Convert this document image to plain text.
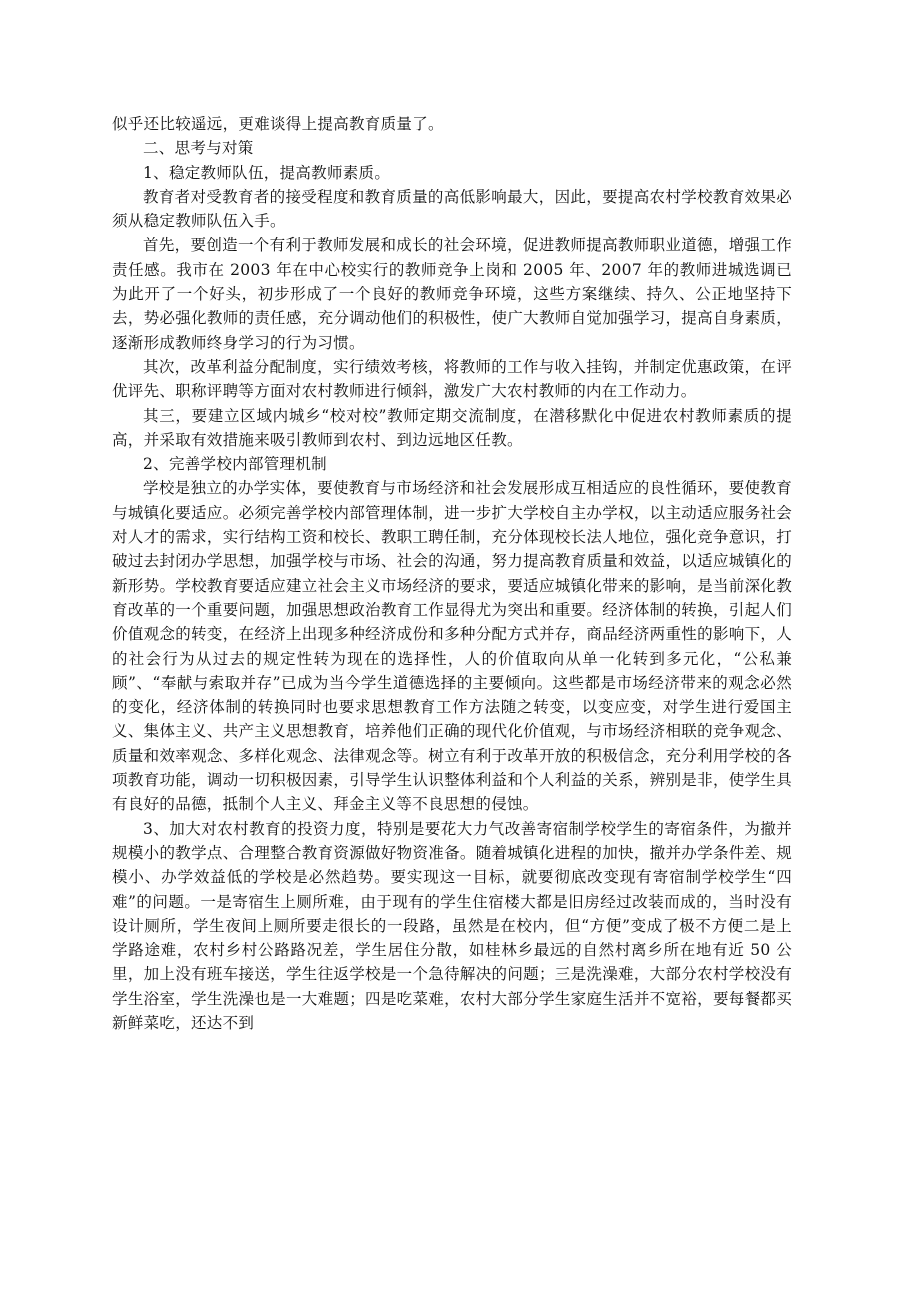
似乎还比较遥远，更难谈得上提高教育质量了。

二、思考与对策

1、稳定教师队伍，提高教师素质。

教育者对受教育者的接受程度和教育质量的高低影响最大，因此，要提高农村学校教育效果必须从稳定教师队伍入手。

首先，要创造一个有利于教师发展和成长的社会环境，促进教师提高教师职业道德，增强工作责任感。我市在 2003 年在中心校实行的教师竞争上岗和 2005 年、2007 年的教师进城选调已为此开了一个好头，初步形成了一个良好的教师竞争环境，这些方案继续、持久、公正地坚持下去，势必强化教师的责任感，充分调动他们的积极性，使广大教师自觉加强学习，提高自身素质，逐渐形成教师终身学习的行为习惯。

其次，改革利益分配制度，实行绩效考核，将教师的工作与收入挂钩，并制定优惠政策，在评优评先、职称评聘等方面对农村教师进行倾斜，激发广大农村教师的内在工作动力。

其三，要建立区域内城乡“校对校”教师定期交流制度，在潜移默化中促进农村教师素质的提高，并采取有效措施来吸引教师到农村、到边远地区任教。

2、完善学校内部管理机制

学校是独立的办学实体，要使教育与市场经济和社会发展形成互相适应的良性循环，要使教育与城镇化要适应。必须完善学校内部管理体制，进一步扩大学校自主办学权，以主动适应服务社会对人才的需求，实行结构工资和校长、教职工聘任制，充分体现校长法人地位，强化竞争意识，打破过去封闭办学思想，加强学校与市场、社会的沟通，努力提高教育质量和效益，以适应城镇化的新形势。学校教育要适应建立社会主义市场经济的要求，要适应城镇化带来的影响，是当前深化教育改革的一个重要问题，加强思想政治教育工作显得尤为突出和重要。经济体制的转换，引起人们价值观念的转变，在经济上出现多种经济成份和多种分配方式并存，商品经济两重性的影响下，人的社会行为从过去的规定性转为现在的选择性，人的价值取向从单一化转到多元化，“公私兼顾”、“奉献与索取并存”已成为当今学生道德选择的主要倾向。这些都是市场经济带来的观念必然的变化，经济体制的转换同时也要求思想教育工作方法随之转变，以变应变，对学生进行爱国主义、集体主义、共产主义思想教育，培养他们正确的现代化价值观，与市场经济相联的竞争观念、质量和效率观念、多样化观念、法律观念等。树立有利于改革开放的积极信念，充分利用学校的各项教育功能，调动一切积极因素，引导学生认识整体利益和个人利益的关系，辨别是非，使学生具有良好的品德，抵制个人主义、拜金主义等不良思想的侵蚀。

3、加大对农村教育的投资力度，特别是要花大力气改善寄宿制学校学生的寄宿条件，为撤并规模小的教学点、合理整合教育资源做好物资准备。随着城镇化进程的加快，撤并办学条件差、规模小、办学效益低的学校是必然趋势。要实现这一目标，就要彻底改变现有寄宿制学校学生“四难”的问题。一是寄宿生上厕所难，由于现有的学生住宿楼大都是旧房经过改装而成的，当时没有设计厕所，学生夜间上厕所要走很长的一段路，虽然是在校内，但“方便”变成了极不方便二是上学路途难，农村乡村公路路况差，学生居住分散，如桂林乡最远的自然村离乡所在地有近 50 公里，加上没有班车接送，学生往返学校是一个急待解决的问题；三是洗澡难，大部分农村学校没有学生浴室，学生洗澡也是一大难题；四是吃菜难，农村大部分学生家庭生活并不宽裕，要每餐都买新鲜菜吃，还达不到
